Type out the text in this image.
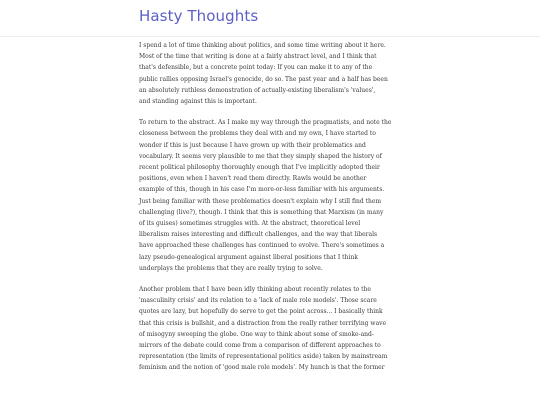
Hasty Thoughts

I spend a lot of time thinking about politics, and some time writing about it here.
Most of the time that writing is done at a fairly abstract level, and I think that
that's defensible, but a concrete point today: If you can make it to any of the
public rallies opposing Israel's genocide, do so. The past year and a half has been
an absolutely ruthless demonstration of actually-existing liberalism's 'values',
and standing against this is important.

To return to the abstract. As I make my way through the pragmatists, and note the
closeness between the problems they deal with and my own, I have started to
wonder if this is just because I have grown up with their problematics and
vocabulary. It seems very plausible to me that they simply shaped the history of
recent political philosophy thoroughly enough that I've implicitly adopted their
positions, even when I haven't read them directly. Rawls would be another
example of this, though in his case I'm more-or-less familiar with his arguments.
Just being familiar with these problematics doesn't explain why I still find them
challenging (live?), though. I think that this is something that Marxism (in many
of its guises) sometimes struggles with. At the abstract, theoretical level
liberalism raises interesting and difficult challenges, and the way that liberals
have approached these challenges has continued to evolve. There's sometimes a
lazy pseudo-genealogical argument against liberal positions that I think
underplays the problems that they are really trying to solve.

Another problem that I have been idly thinking about recently relates to the
'masculinity crisis' and its relation to a 'lack of male role models'. Those scare
quotes are lazy, but hopefully do serve to get the point across... I basically think
that this crisis is bullshit, and a distraction from the really rather terrifying wave
of misogyny sweeping the globe. One way to think about some of smoke-and-
mirrors of the debate could come from a comparison of different approaches to
representation (the limits of representational politics aside) taken by mainstream
feminism and the notion of 'good male role models'. My hunch is that the former
